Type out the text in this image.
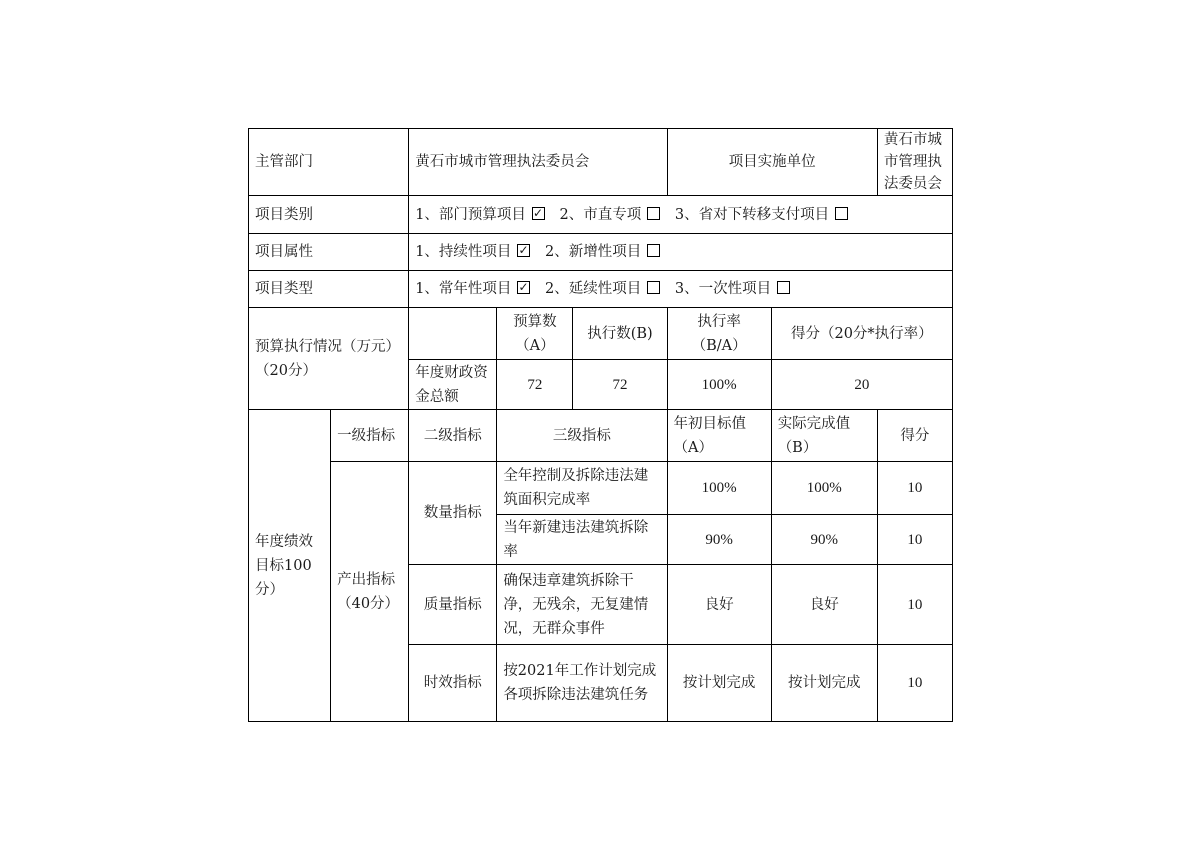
主管部门		黄石市城市管理执法委员会			项目实施单位		黄石市城市管理执法委员会
项目类别		1、部门预算项目 ✓ 2、市直专项 3、省对下转移支付项目
项目属性		1、持续性项目 ✓ 2、新增性项目
项目类型		1、常年性项目 ✓ 2、延续性项目 3、一次性项目
预算执行情况（万元）（20分）			预算数（A）	执行数(B)	执行率（B/A）	得分（20分*执行率）	
		年度财政资金总额	72	72	100%	20	
年度绩效目标100分）	一级指标	二级指标	三级指标		年初目标值（A）	实际完成值（B）	得分
	产出指标（40分）	数量指标	全年控制及拆除违法建筑面积完成率		100%	100%	10
			当年新建违法建筑拆除率		90%	90%	10
		质量指标	确保违章建筑拆除干净，无残余，无复建情况，无群众事件		良好	良好	10
		时效指标	按2021年工作计划完成各项拆除违法建筑任务		按计划完成	按计划完成	10
